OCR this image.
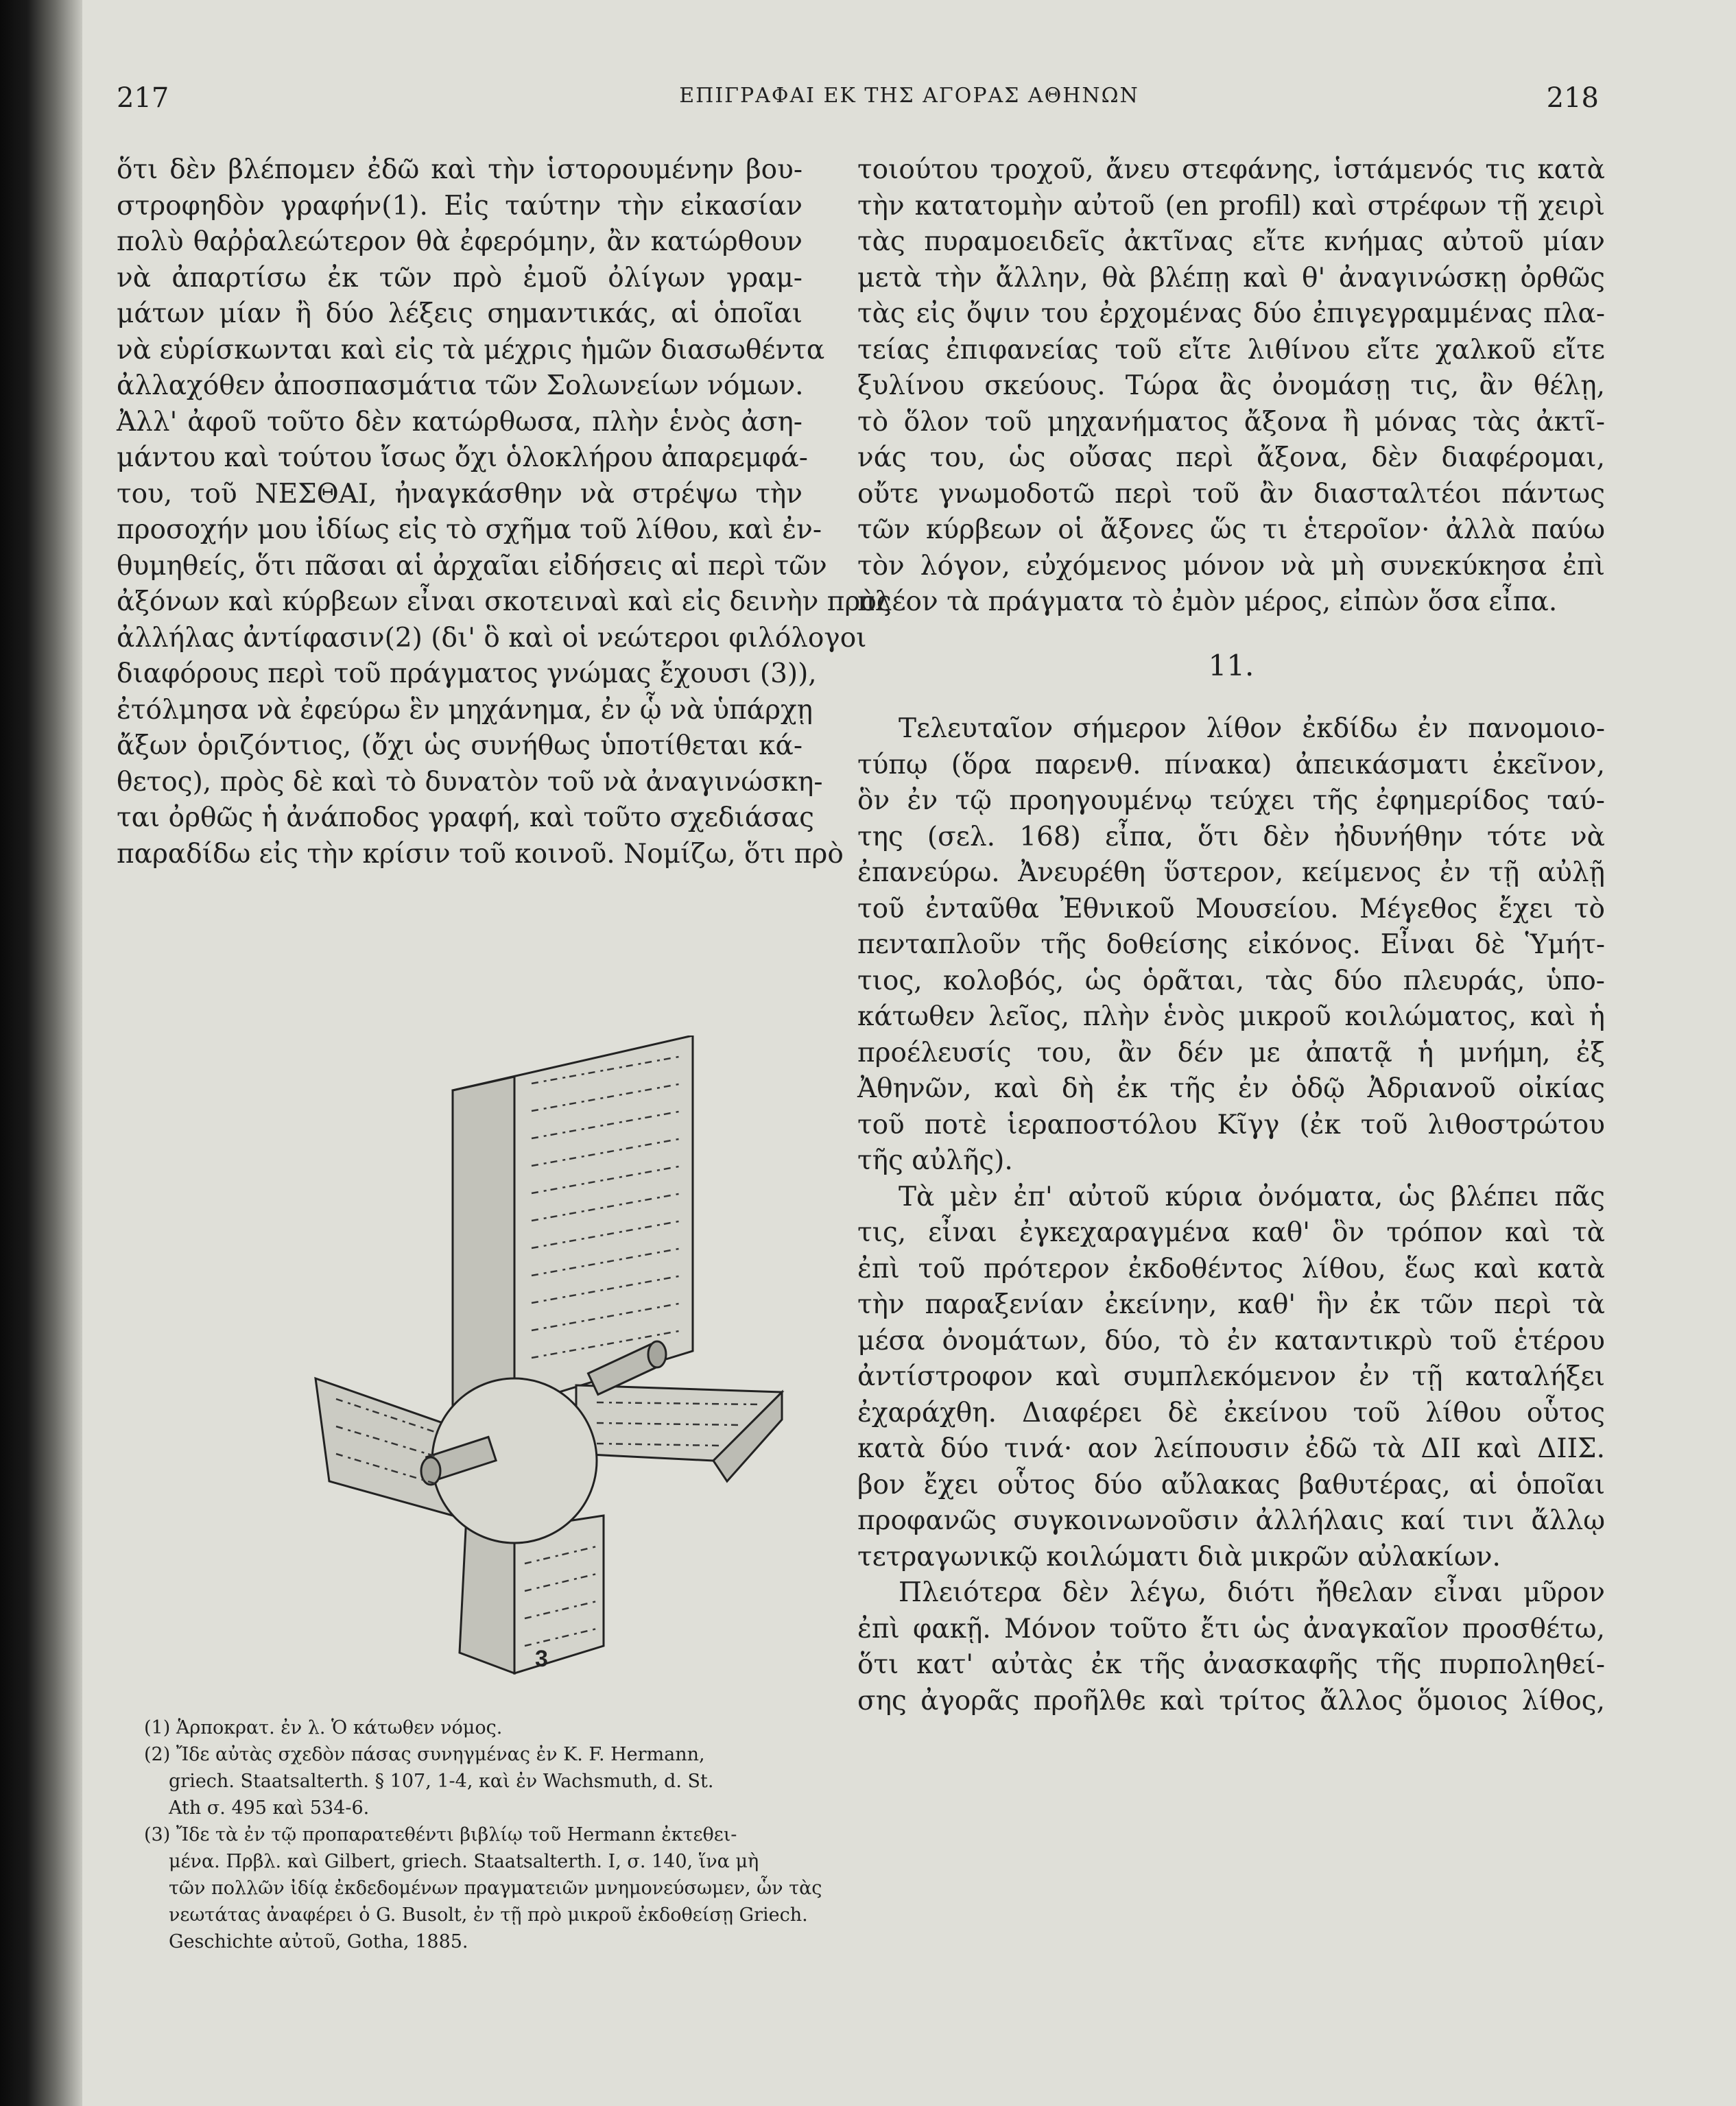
217	ΕΠΙΓΡΑΦΑΙ ΕΚ ΤΗΣ ΑΓΟΡΑΣ ΑΘΗΝΩΝ	218
ὅτι δὲν βλέπομεν ἐδῶ καὶ τὴν ἱστορουμένην βου-
στροφηδὸν γραφήν(1). Εἰς ταύτην τὴν εἰκασίαν
πολὺ θαῤῥαλεώτερον θὰ ἐφερόμην, ἂν κατώρθουν
νὰ ἀπαρτίσω ἐκ τῶν πρὸ ἐμοῦ ὀλίγων γραμ-
μάτων μίαν ἢ δύο λέξεις σημαντικάς, αἱ ὁποῖαι
νὰ εὑρίσκωνται καὶ εἰς τὰ μέχρις ἡμῶν διασωθέντα
ἀλλαχόθεν ἀποσπασμάτια τῶν Σολωνείων νόμων.
Ἀλλ' ἀφοῦ τοῦτο δὲν κατώρθωσα, πλὴν ἑνὸς ἀση-
μάντου καὶ τούτου ἴσως ὄχι ὁλοκλήρου ἀπαρεμφά-
του, τοῦ ΝΕΣΘΑΙ, ἠναγκάσθην νὰ στρέψω τὴν
προσοχήν μου ἰδίως εἰς τὸ σχῆμα τοῦ λίθου, καὶ ἐν-
θυμηθείς, ὅτι πᾶσαι αἱ ἀρχαῖαι εἰδήσεις αἱ περὶ τῶν
ἀξόνων καὶ κύρβεων εἶναι σκοτειναὶ καὶ εἰς δεινὴν πρὸς
ἀλλήλας ἀντίφασιν(2) (δι' ὃ καὶ οἱ νεώτεροι φιλόλογοι
διαφόρους περὶ τοῦ πράγματος γνώμας ἔχουσι (3)),
ἐτόλμησα νὰ ἐφεύρω ἓν μηχάνημα, ἐν ᾧ νὰ ὑπάρχῃ
ἄξων ὁριζόντιος, (ὄχι ὡς συνήθως ὑποτίθεται κά-
θετος), πρὸς δὲ καὶ τὸ δυνατὸν τοῦ νὰ ἀναγινώσκη-
ται ὀρθῶς ἡ ἀνάποδος γραφή, καὶ τοῦτο σχεδιάσας
παραδίδω εἰς τὴν κρίσιν τοῦ κοινοῦ. Νομίζω, ὅτι πρὸ
3
(1) Ἁρποκρατ. ἐν λ. Ὁ κάτωθεν νόμος.
(2) Ἴδε αὐτὰς σχεδὸν πάσας συνηγμένας ἐν K. F. Hermann,
griech. Staatsalterth. § 107, 1-4, καὶ ἐν Wachsmuth, d. St.
Ath σ. 495 καὶ 534-6.
(3) Ἴδε τὰ ἐν τῷ προπαρατεθέντι βιβλίῳ τοῦ Hermann ἐκτεθει-
μένα. Πρβλ. καὶ Gilbert, griech. Staatsalterth. I, σ. 140, ἵνα μὴ
τῶν πολλῶν ἰδίᾳ ἐκδεδομένων πραγματειῶν μνημονεύσωμεν, ὧν τὰς
νεωτάτας ἀναφέρει ὁ G. Busolt, ἐν τῇ πρὸ μικροῦ ἐκδοθείσῃ Griech.
Geschichte αὐτοῦ, Gotha, 1885.
τοιούτου τροχοῦ, ἄνευ στεφάνης, ἱστάμενός τις κατὰ
τὴν κατατομὴν αὐτοῦ (en profil) καὶ στρέφων τῇ χειρὶ
τὰς πυραμοειδεῖς ἀκτῖνας εἴτε κνήμας αὐτοῦ μίαν
μετὰ τὴν ἄλλην, θὰ βλέπῃ καὶ θ' ἀναγινώσκῃ ὀρθῶς
τὰς εἰς ὄψιν του ἐρχομένας δύο ἐπιγεγραμμένας πλα-
τείας ἐπιφανείας τοῦ εἴτε λιθίνου εἴτε χαλκοῦ εἴτε
ξυλίνου σκεύους. Τώρα ἂς ὀνομάσῃ τις, ἂν θέλῃ,
τὸ ὅλον τοῦ μηχανήματος ἄξονα ἢ μόνας τὰς ἀκτῖ-
νάς του, ὡς οὔσας περὶ ἄξονα, δὲν διαφέρομαι,
οὔτε γνωμοδοτῶ περὶ τοῦ ἂν διασταλτέοι πάντως
τῶν κύρβεων οἱ ἄξονες ὥς τι ἑτεροῖον· ἀλλὰ παύω
τὸν λόγον, εὐχόμενος μόνον νὰ μὴ συνεκύκησα ἐπὶ
πλέον τὰ πράγματα τὸ ἐμὸν μέρος, εἰπὼν ὅσα εἶπα.
11.
Τελευταῖον σήμερον λίθον ἐκδίδω ἐν πανομοιο-
τύπῳ (ὅρα παρενθ. πίνακα) ἀπεικάσματι ἐκεῖνον,
ὃν ἐν τῷ προηγουμένῳ τεύχει τῆς ἐφημερίδος ταύ-
της (σελ. 168) εἶπα, ὅτι δὲν ἠδυνήθην τότε νὰ
ἐπανεύρω. Ἀνευρέθη ὕστερον, κείμενος ἐν τῇ αὐλῇ
τοῦ ἐνταῦθα Ἐθνικοῦ Μουσείου. Μέγεθος ἔχει τὸ
πενταπλοῦν τῆς δοθείσης εἰκόνος. Εἶναι δὲ Ὑμήτ-
τιος, κολοβός, ὡς ὁρᾶται, τὰς δύο πλευράς, ὑπο-
κάτωθεν λεῖος, πλὴν ἑνὸς μικροῦ κοιλώματος, καὶ ἡ
προέλευσίς του, ἂν δέν με ἀπατᾷ ἡ μνήμη, ἐξ
Ἀθηνῶν, καὶ δὴ ἐκ τῆς ἐν ὁδῷ Ἀδριανοῦ οἰκίας
τοῦ ποτὲ ἱεραποστόλου Κῖγγ (ἐκ τοῦ λιθοστρώτου
τῆς αὐλῆς).
Τὰ μὲν ἐπ' αὐτοῦ κύρια ὀνόματα, ὡς βλέπει πᾶς
τις, εἶναι ἐγκεχαραγμένα καθ' ὃν τρόπον καὶ τὰ
ἐπὶ τοῦ πρότερον ἐκδοθέντος λίθου, ἕως καὶ κατὰ
τὴν παραξενίαν ἐκείνην, καθ' ἣν ἐκ τῶν περὶ τὰ
μέσα ὀνομάτων, δύο, τὸ ἐν καταντικρὺ τοῦ ἑτέρου
ἀντίστροφον καὶ συμπλεκόμενον ἐν τῇ καταλήξει
ἐχαράχθη. Διαφέρει δὲ ἐκείνου τοῦ λίθου οὗτος
κατὰ δύο τινά· αον λείπουσιν ἐδῶ τὰ ΔΙΙ καὶ ΔΙΙΣ.
βον ἔχει οὗτος δύο αὔλακας βαθυτέρας, αἱ ὁποῖαι
προφανῶς συγκοινωνοῦσιν ἀλλήλαις καί τινι ἄλλῳ
τετραγωνικῷ κοιλώματι διὰ μικρῶν αὐλακίων.
Πλειότερα δὲν λέγω, διότι ἤθελαν εἶναι μῦρον
ἐπὶ φακῇ. Μόνον τοῦτο ἔτι ὡς ἀναγκαῖον προσθέτω,
ὅτι κατ' αὐτὰς ἐκ τῆς ἀνασκαφῆς τῆς πυρποληθεί-
σης ἀγορᾶς προῆλθε καὶ τρίτος ἄλλος ὅμοιος λίθος,
